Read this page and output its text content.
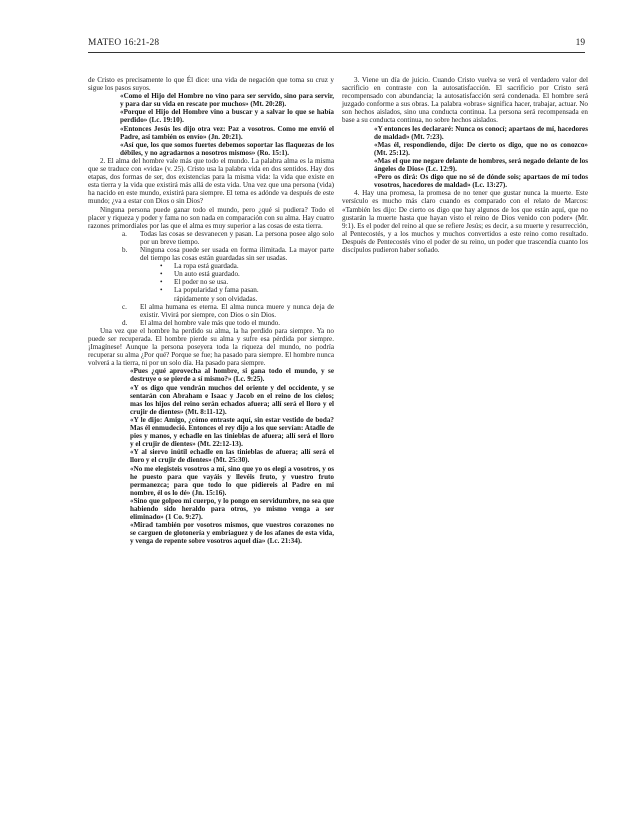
MATEO 16:21-28	19

de Cristo es precisamente lo que Él dice: una vida de negación que toma su cruz y sigue los pasos suyos.

«Como el Hijo del Hombre no vino para ser servido, sino para servir, y para dar su vida en rescate por muchos» (Mt. 20:28).

«Porque el Hijo del Hombre vino a buscar y a salvar lo que se había perdido» (Lc. 19:10).

«Entonces Jesús les dijo otra vez: Paz a vosotros. Como me envió el Padre, así también os envío» (Jn. 20:21).

«Así que, los que somos fuertes debemos soportar las flaquezas de los débiles, y no agradarnos a nosotros mismos» (Ro. 15:1).

2. El alma del hombre vale más que todo el mundo. La palabra alma es la misma que se traduce con «vida» (v. 25). Cristo usa la palabra vida en dos sentidos. Hay dos etapas, dos formas de ser, dos existencias para la misma vida: la vida que existe en esta tierra y la vida que existirá más allá de esta vida. Una vez que una persona (vida) ha nacido en este mundo, existirá para siempre. El tema es adónde va después de este mundo; ¿va a estar con Dios o sin Dios?

Ninguna persona puede ganar todo el mundo, pero ¿qué si pudiera? Todo el placer y riqueza y poder y fama no son nada en comparación con su alma. Hay cuatro razones primordiales por las que el alma es muy superior a las cosas de esta tierra.

a. Todas las cosas se desvanecen y pasan. La persona posee algo solo por un breve tiempo.
b. Ninguna cosa puede ser usada en forma ilimitada. La mayor parte del tiempo las cosas están guardadas sin ser usadas.
• La ropa está guardada.
• Un auto está guardado.
• El poder no se usa.
• La popularidad y fama pasan.

rápidamente y son olvidadas.

c. El alma humana es eterna. El alma nunca muere y nunca deja de existir. Vivirá por siempre, con Dios o sin Dios.
d. El alma del hombre vale más que todo el mundo.

Una vez que el hombre ha perdido su alma, la ha perdido para siempre. Ya no puede ser recuperada. El hombre pierde su alma y sufre esa pérdida por siempre. ¡Imagínese! Aunque la persona poseyera toda la riqueza del mundo, no podría recuperar su alma ¿Por qué? Porque se fue; ha pasado para siempre. El hombre nunca volverá a la tierra, ni por un solo día. Ha pasado para siempre.

«Pues ¿qué aprovecha al hombre, si gana todo el mundo, y se destruye o se pierde a sí mismo?» (Lc. 9:25).

«Y os digo que vendrán muchos del oriente y del occidente, y se sentarán con Abraham e Isaac y Jacob en el reino de los cielos; mas los hijos del reino serán echados afuera; allí será el lloro y el crujir de dientes» (Mt. 8:11-12).

«Y le dijo: Amigo, ¿cómo entraste aquí, sin estar vestido de boda? Mas él enmudeció. Entonces el rey dijo a los que servían: Atadle de pies y manos, y echadle en las tinieblas de afuera; allí será el lloro y el crujir de dientes» (Mt. 22:12-13).

«Y al siervo inútil echadle en las tinieblas de afuera; allí será el lloro y el crujir de dientes» (Mt. 25:30).

«No me elegisteis vosotros a mí, sino que yo os elegí a vosotros, y os he puesto para que vayáis y llevéis fruto, y vuestro fruto permanezca; para que todo lo que pidiereis al Padre en mi nombre, él os lo dé» (Jn. 15:16).

«Sino que golpeo mi cuerpo, y lo pongo en servidumbre, no sea que habiendo sido heraldo para otros, yo mismo venga a ser eliminado» (1 Co. 9:27).

«Mirad también por vosotros mismos, que vuestros corazones no se carguen de glotonería y embriaguez y de los afanes de esta vida, y venga de repente sobre vosotros aquel día» (Lc. 21:34).

3. Viene un día de juicio. Cuando Cristo vuelva se verá el verdadero valor del sacrificio en contraste con la autosatisfacción. El sacrificio por Cristo será recompensado con abundancia; la autosatisfacción será condenada. El hombre será juzgado conforme a sus obras. La palabra «obras» significa hacer, trabajar, actuar. No son hechos aislados, sino una conducta continua. La persona será recompensada en base a su conducta continua, no sobre hechos aislados.

«Y entonces les declararé: Nunca os conocí; apartaos de mí, hacedores de maldad» (Mt. 7:23).

«Mas él, respondiendo, dijo: De cierto os digo, que no os conozco» (Mt. 25:12).

«Mas el que me negare delante de hombres, será negado delante de los ángeles de Dios» (Lc. 12:9).

«Pero os dirá: Os digo que no sé de dónde sois; apartaos de mí todos vosotros, hacedores de maldad» (Lc. 13:27).

4. Hay una promesa, la promesa de no tener que gustar nunca la muerte. Este versículo es mucho más claro cuando es comparado con el relato de Marcos: «También les dijo: De cierto os digo que hay algunos de los que están aquí, que no gustarán la muerte hasta que hayan visto el reino de Dios venido con poder» (Mr. 9:1). Es el poder del reino al que se refiere Jesús; es decir, a su muerte y resurrección, al Pentecostés, y a los muchos y muchos convertidos a este reino como resultado. Después de Pentecostés vino el poder de su reino, un poder que trascendía cuanto los discípulos pudieron haber soñado.
